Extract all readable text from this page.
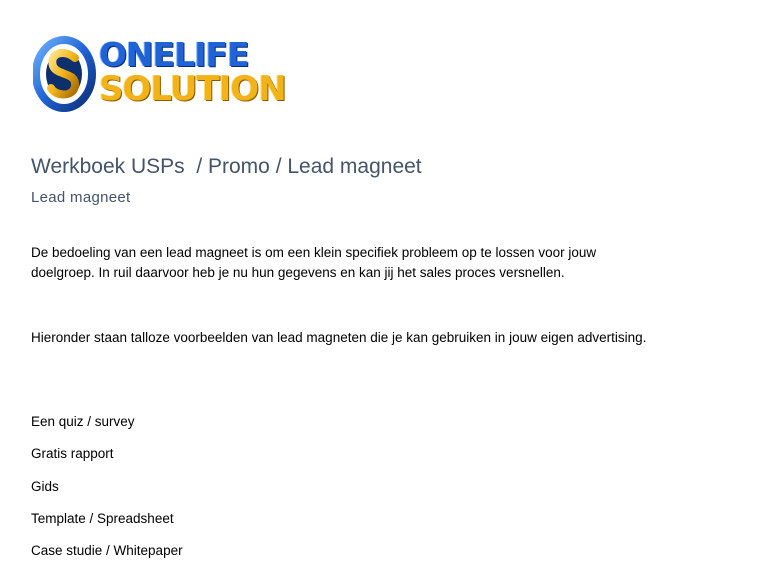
ONELIFE
SOLUTION
Werkboek USPs  / Promo / Lead magneet
Lead magneet

De bedoeling van een lead magneet is om een klein specifiek probleem op te lossen voor jouw doelgroep. In ruil daarvoor heb je nu hun gegevens en kan jij het sales proces versnellen.

Hieronder staan talloze voorbeelden van lead magneten die je kan gebruiken in jouw eigen advertising.

Een quiz / survey
Gratis rapport
Gids
Template / Spreadsheet
Case studie / Whitepaper
